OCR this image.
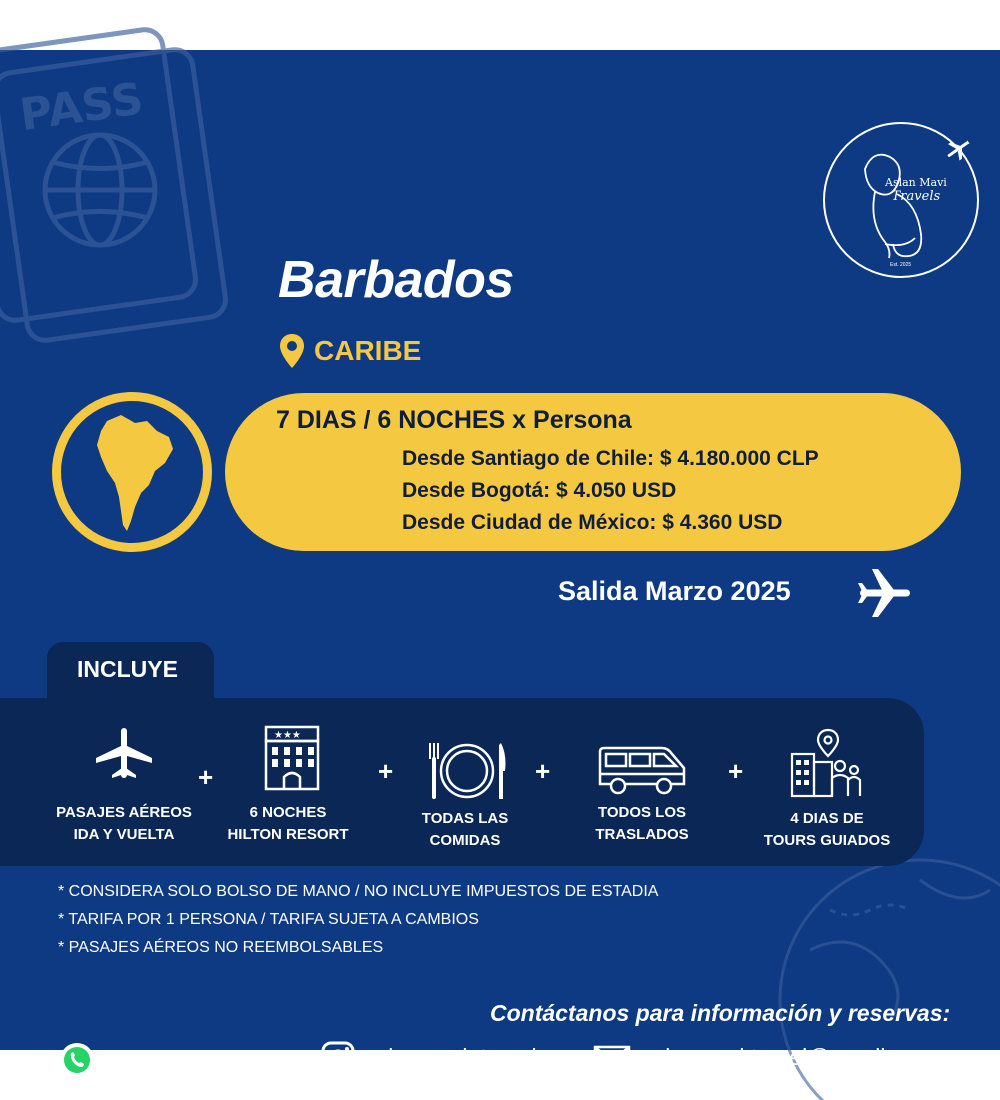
PASS
Aslan Mavi
Travels
Est. 2025
Barbados
CARIBE
7 DIAS / 6 NOCHES x Persona
Desde Santiago de Chile: $ 4.180.000 CLP
Desde Bogotá: $ 4.050 USD
Desde Ciudad de México: $ 4.360 USD
Salida Marzo 2025
INCLUYE
PASAJES AÉREOS
IDA Y VUELTA
+
★★★
6 NOCHES
HILTON RESORT
+
TODAS LAS
COMIDAS
+
TODOS LOS
TRASLADOS
+
4 DIAS DE
TOURS GUIADOS
* CONSIDERA SOLO BOLSO DE MANO / NO INCLUYE IMPUESTOS DE ESTADIA
* TARIFA POR 1 PERSONA / TARIFA SUJETA A CAMBIOS
* PASAJES AÉREOS NO REEMBOLSABLES
Contáctanos para información y reservas:
+569 3720 1570	aslanmavi_travels	aslanmavi.travel@gmail.com
